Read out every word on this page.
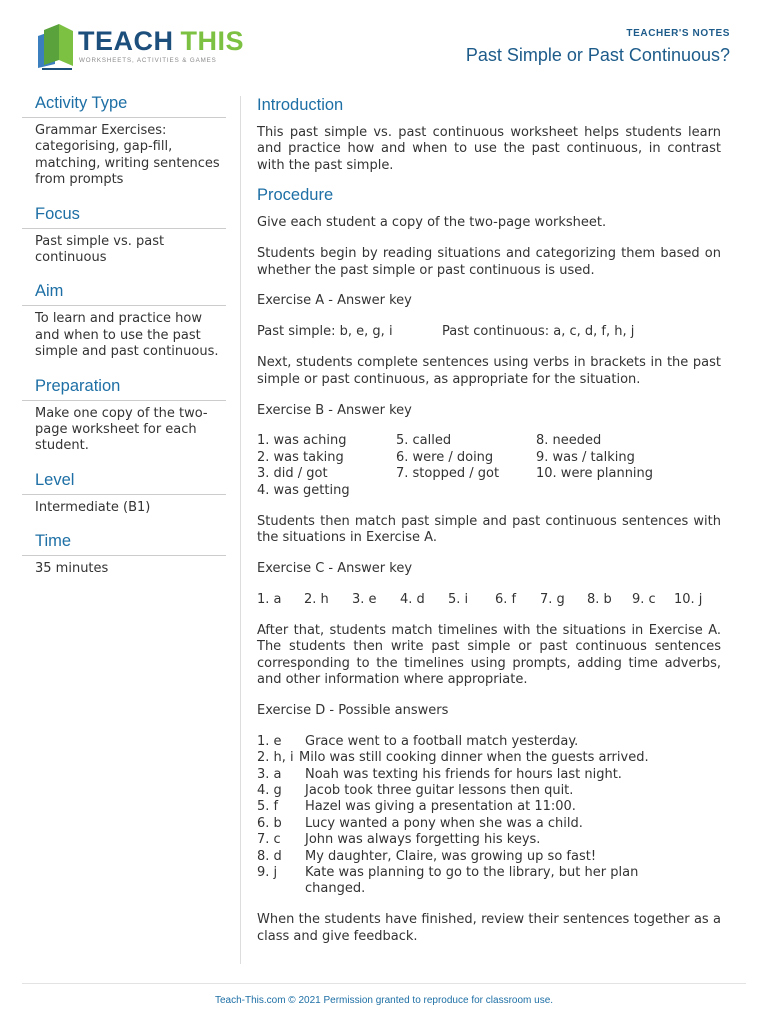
TEACH THIS
WORKSHEETS, ACTIVITIES & GAMES
TEACHER'S NOTES
Past Simple or Past Continuous?
Activity Type

Grammar Exercises: categorising, gap-fill, matching, writing sentences from prompts

Focus

Past simple vs. past continuous

Aim

To learn and practice how and when to use the past simple and past continuous.

Preparation

Make one copy of the two-page worksheet for each student.

Level

Intermediate (B1)

Time

35 minutes

Introduction

This past simple vs. past continuous worksheet helps students learn and practice how and when to use the past continuous, in contrast with the past simple.

Procedure

Give each student a copy of the two-page worksheet.

Students begin by reading situations and categorizing them based on whether the past simple or past continuous is used.

Exercise A - Answer key

Past simple: b, e, g, i	Past continuous: a, c, d, f, h, j

Next, students complete sentences using verbs in brackets in the past simple or past continuous, as appropriate for the situation.

Exercise B - Answer key

1. was aching
2. was taking
3. did / got
4. was getting
5. called
6. were / doing
7. stopped / got
8. needed
9. was / talking
10. were planning

Students then match past simple and past continuous sentences with the situations in Exercise A.

Exercise C - Answer key

1. a	2. h	3. e	4. d	5. i	6. f	7. g	8. b	9. c	10. j

After that, students match timelines with the situations in Exercise A. The students then write past simple or past continuous sentences corresponding to the timelines using prompts, adding time adverbs, and other information where appropriate.

Exercise D - Possible answers

1. e	Grace went to a football match yesterday.
2. h, i Milo was still cooking dinner when the guests arrived.
3. a	Noah was texting his friends for hours last night.
4. g	Jacob took three guitar lessons then quit.
5. f	Hazel was giving a presentation at 11:00.
6. b	Lucy wanted a pony when she was a child.
7. c	John was always forgetting his keys.
8. d	My daughter, Claire, was growing up so fast!
9. j	Kate was planning to go to the library, but her plan changed.

When the students have finished, review their sentences together as a class and give feedback.

Teach-This.com © 2021 Permission granted to reproduce for classroom use.
